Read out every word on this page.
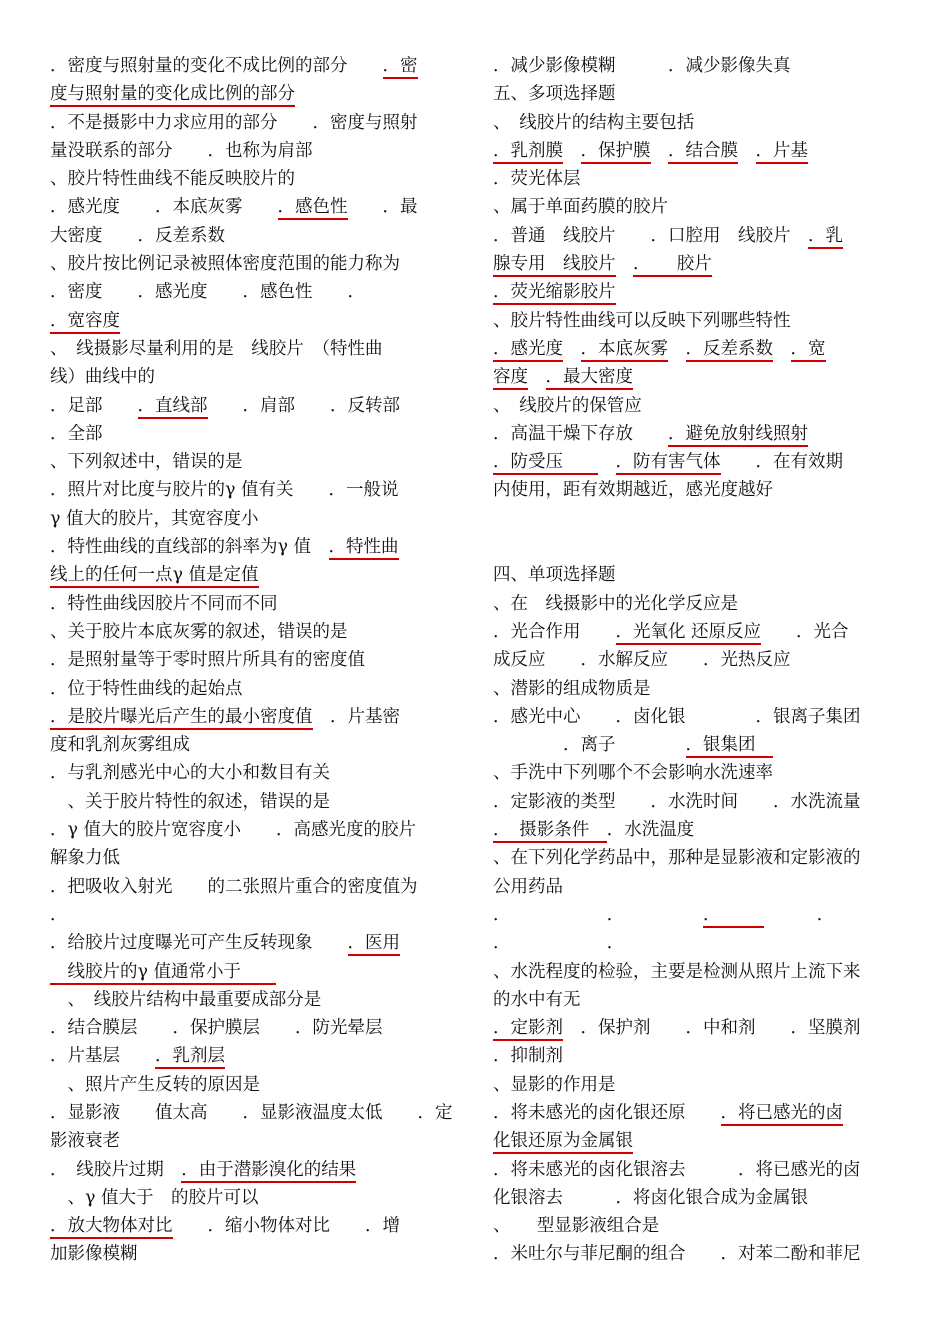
．密度与照射量的变化不成比例的部分　　．密
度与照射量的变化成比例的部分
．不是摄影中力求应用的部分　　．密度与照射
量没联系的部分　　．也称为肩部
、胶片特性曲线不能反映胶片的
．感光度　　．本底灰雾　　．感色性　　．最
大密度　　．反差系数
、胶片按比例记录被照体密度范围的能力称为
．密度　　．感光度　　．感色性　　．
．宽容度
、　线摄影尽量利用的是　线胶片　（特性曲
线）曲线中的
．足部　　．直线部　　．肩部　　．反转部
．全部
、下列叙述中，错误的是
．照片对比度与胶片的γ 值有关　　．一般说
γ 值大的胶片，其宽容度小
．特性曲线的直线部的斜率为γ 值　．特性曲
线上的任何一点γ 值是定值
．特性曲线因胶片不同而不同
、关于胶片本底灰雾的叙述，错误的是
．是照射量等于零时照片所具有的密度值
．位于特性曲线的起始点
．是胶片曝光后产生的最小密度值　．片基密
度和乳剂灰雾组成
．与乳剂感光中心的大小和数目有关
　、关于胶片特性的叙述，错误的是
．γ 值大的胶片宽容度小　　．高感光度的胶片
解象力低
．把吸收入射光　　的二张照片重合的密度值为
．
．给胶片过度曝光可产生反转现象　　．医用
　线胶片的γ 值通常小于　　
　、　线胶片结构中最重要成部分是
．结合膜层　　．保护膜层　　．防光晕层
．片基层　　．乳剂层
　、照片产生反转的原因是
．显影液　　值太高　　．显影液温度太低　　．定
影液衰老
．　线胶片过期　．由于潜影溴化的结果
　、γ 值大于　的胶片可以
．放大物体对比　　．缩小物体对比　　．增
加影像模糊
．减少影像模糊　　　．减少影像失真
五、多项选择题
、　线胶片的结构主要包括
．乳剂膜　 ．保护膜　 ．结合膜　 ．片基
．荧光体层
、属于单面药膜的胶片
．普通　线胶片　　．口腔用　线胶片　．乳
腺专用　线胶片　 ．　　胶片
．荧光缩影胶片
、胶片特性曲线可以反映下列哪些特性
．感光度　 ．本底灰雾　 ．反差系数　 ．宽
容度　 ．最大密度
、　线胶片的保管应
．高温干燥下存放　　．避免放射线照射
．防受压　　　．防有害气体　　．在有效期
内使用，距有效期越近，感光度越好
四、单项选择题
、在　线摄影中的光化学反应是
．光合作用　　．光氧化 还原反应　　．光合
成反应　　．水解反应　　．光热反应
、潜影的组成物质是
．感光中心　　．卤化银　　　　．银离子集团
　　　　．离子　　　　．银集团　
、手洗中下列哪个不会影响水洗速率
．定影液的类型　　．水洗时间　　．水洗流量
．　摄影条件　．水洗温度
、在下列化学药品中，那种是显影液和定影液的
公用药品
．　　　　　　．　　　　　．　　　　　　．
．　　　　　　．
、水洗程度的检验，主要是检测从照片上流下来
的水中有无
．定影剂　．保护剂　　．中和剂　　．坚膜剂
．抑制剂
、显影的作用是
．将未感光的卤化银还原　　．将已感光的卤
化银还原为金属银
．将未感光的卤化银溶去　　　．将已感光的卤
化银溶去　　　．将卤化银合成为金属银
、　　型显影液组合是
．米吐尔与菲尼酮的组合　　．对苯二酚和菲尼
